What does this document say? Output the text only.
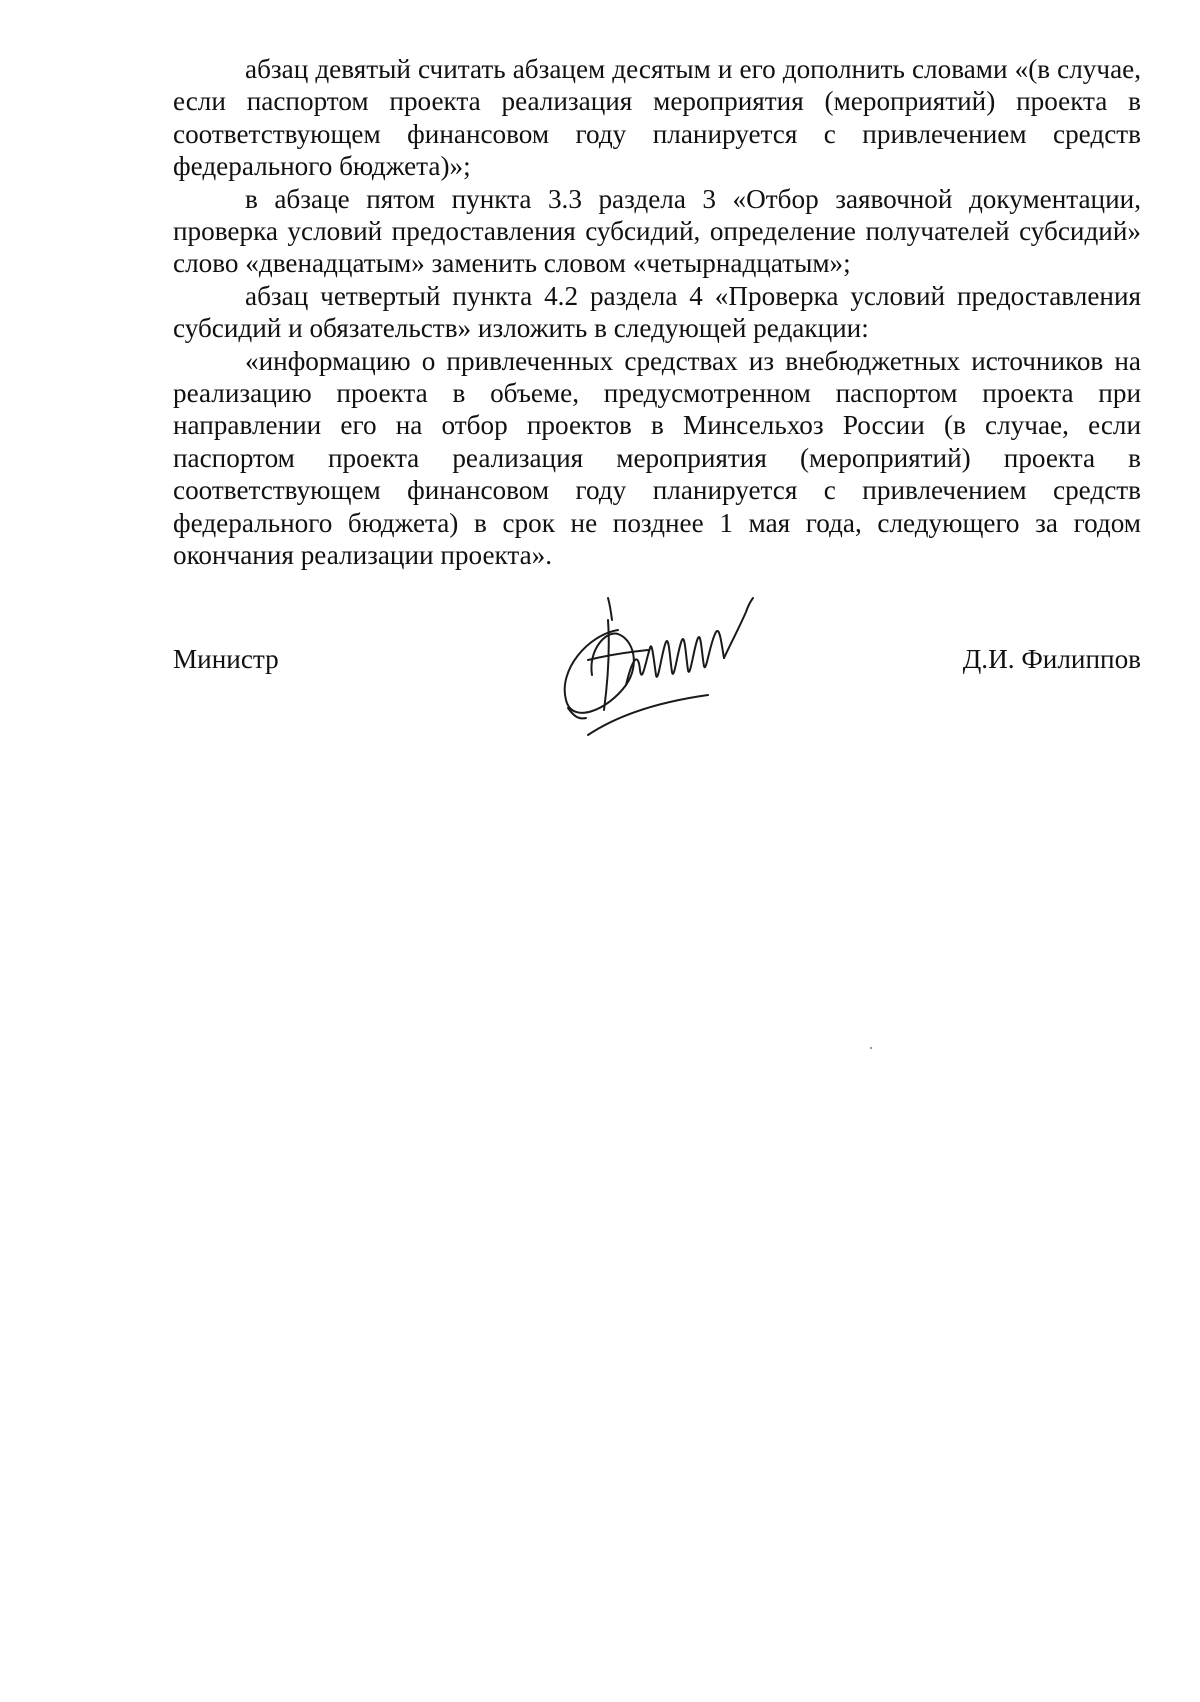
абзац девятый считать абзацем десятым и его дополнить словами «(в случае, если паспортом проекта реализация мероприятия (мероприятий) проекта в соответствующем финансовом году планируется с привлечением средств федерального бюджета)»;

в абзаце пятом пункта 3.3 раздела 3 «Отбор заявочной документации, проверка условий предоставления субсидий, определение получателей субсидий» слово «двенадцатым» заменить словом «четырнадцатым»;

абзац четвертый пункта 4.2 раздела 4 «Проверка условий предоставления субсидий и обязательств» изложить в следующей редакции:

«информацию о привлеченных средствах из внебюджетных источников на реализацию проекта в объеме, предусмотренном паспортом проекта при направлении его на отбор проектов в Минсельхоз России (в случае, если паспортом проекта реализация мероприятия (мероприятий) проекта в соответствующем финансовом году планируется с привлечением средств федерального бюджета) в срок не позднее 1 мая года, следующего за годом окончания реализации проекта».

Министр	Д.И. Филиппов
